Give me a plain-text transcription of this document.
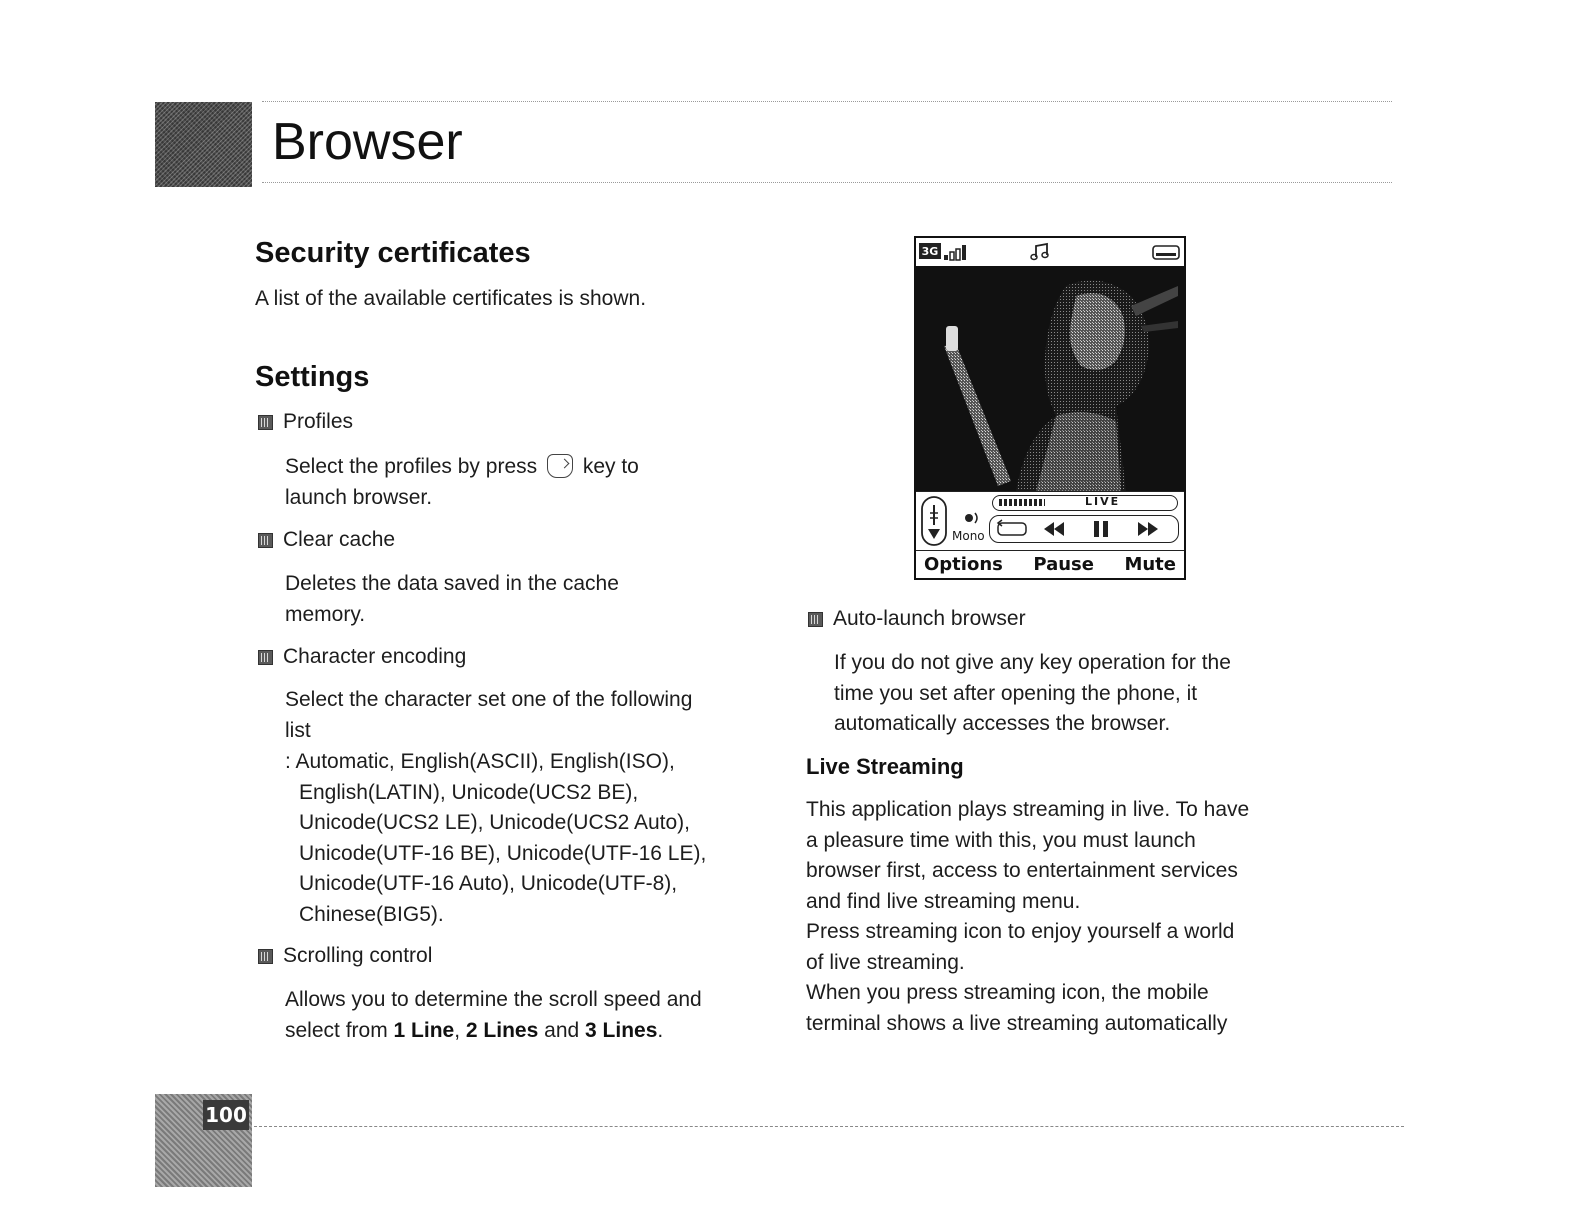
Browser
Security certificates
A list of the available certificates is shown.
Settings
Profiles
Select the profiles by press key to
launch browser.
Clear cache
Deletes the data saved in the cache
memory.
Character encoding
Select the character set one of the following
list
: Automatic, English(ASCII), English(ISO),
English(LATIN), Unicode(UCS2 BE),
Unicode(UCS2 LE), Unicode(UCS2 Auto),
Unicode(UTF-16 BE), Unicode(UTF-16 LE),
Unicode(UTF-16 Auto), Unicode(UTF-8),
Chinese(BIG5).
Scrolling control
Allows you to determine the scroll speed and
select from 1 Line, 2 Lines and 3 Lines.
3G
Mono
LIVE
Options Pause Mute
Auto-launch browser
If you do not give any key operation for the
time you set after opening the phone, it
automatically accesses the browser.
Live Streaming
This application plays streaming in live. To have
a pleasure time with this, you must launch
browser first, access to entertainment services
and find live streaming menu.
Press streaming icon to enjoy yourself a world
of live streaming.
When you press streaming icon, the mobile
terminal shows a live streaming automatically
100
